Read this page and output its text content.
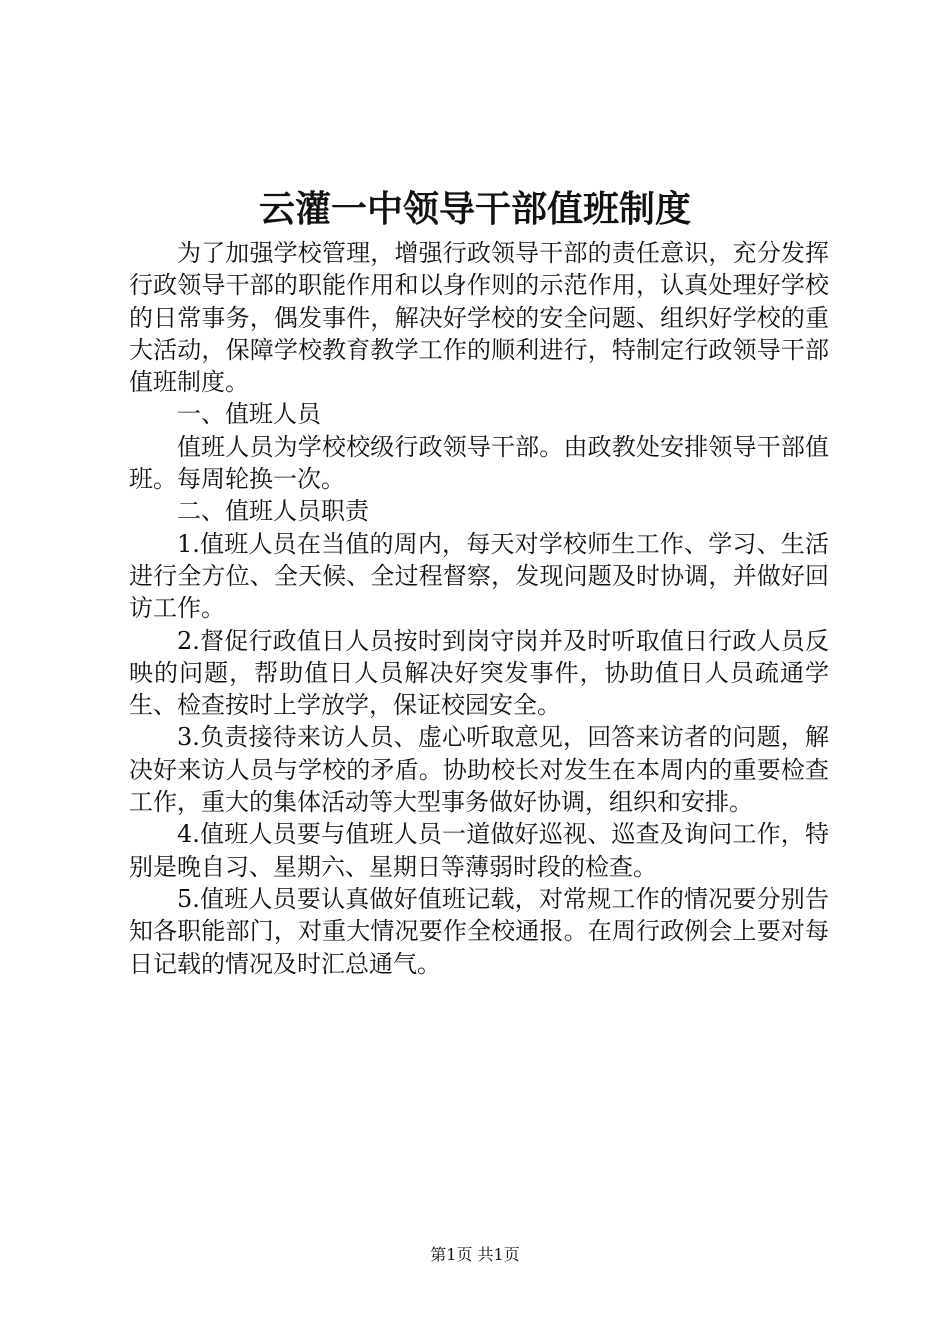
云灌一中领导干部值班制度

为了加强学校管理，增强行政领导干部的责任意识，充分发挥行政领导干部的职能作用和以身作则的示范作用，认真处理好学校的日常事务，偶发事件，解决好学校的安全问题、组织好学校的重大活动，保障学校教育教学工作的顺利进行，特制定行政领导干部值班制度。

一、值班人员

值班人员为学校校级行政领导干部。由政教处安排领导干部值班。每周轮换一次。

二、值班人员职责

1.值班人员在当值的周内，每天对学校师生工作、学习、生活进行全方位、全天候、全过程督察，发现问题及时协调，并做好回访工作。

2.督促行政值日人员按时到岗守岗并及时听取值日行政人员反映的问题，帮助值日人员解决好突发事件，协助值日人员疏通学生、检查按时上学放学，保证校园安全。

3.负责接待来访人员、虚心听取意见，回答来访者的问题，解决好来访人员与学校的矛盾。协助校长对发生在本周内的重要检查工作，重大的集体活动等大型事务做好协调，组织和安排。

4.值班人员要与值班人员一道做好巡视、巡查及询问工作，特别是晚自习、星期六、星期日等薄弱时段的检查。

5.值班人员要认真做好值班记载，对常规工作的情况要分别告知各职能部门，对重大情况要作全校通报。在周行政例会上要对每日记载的情况及时汇总通气。

第1页 共1页
